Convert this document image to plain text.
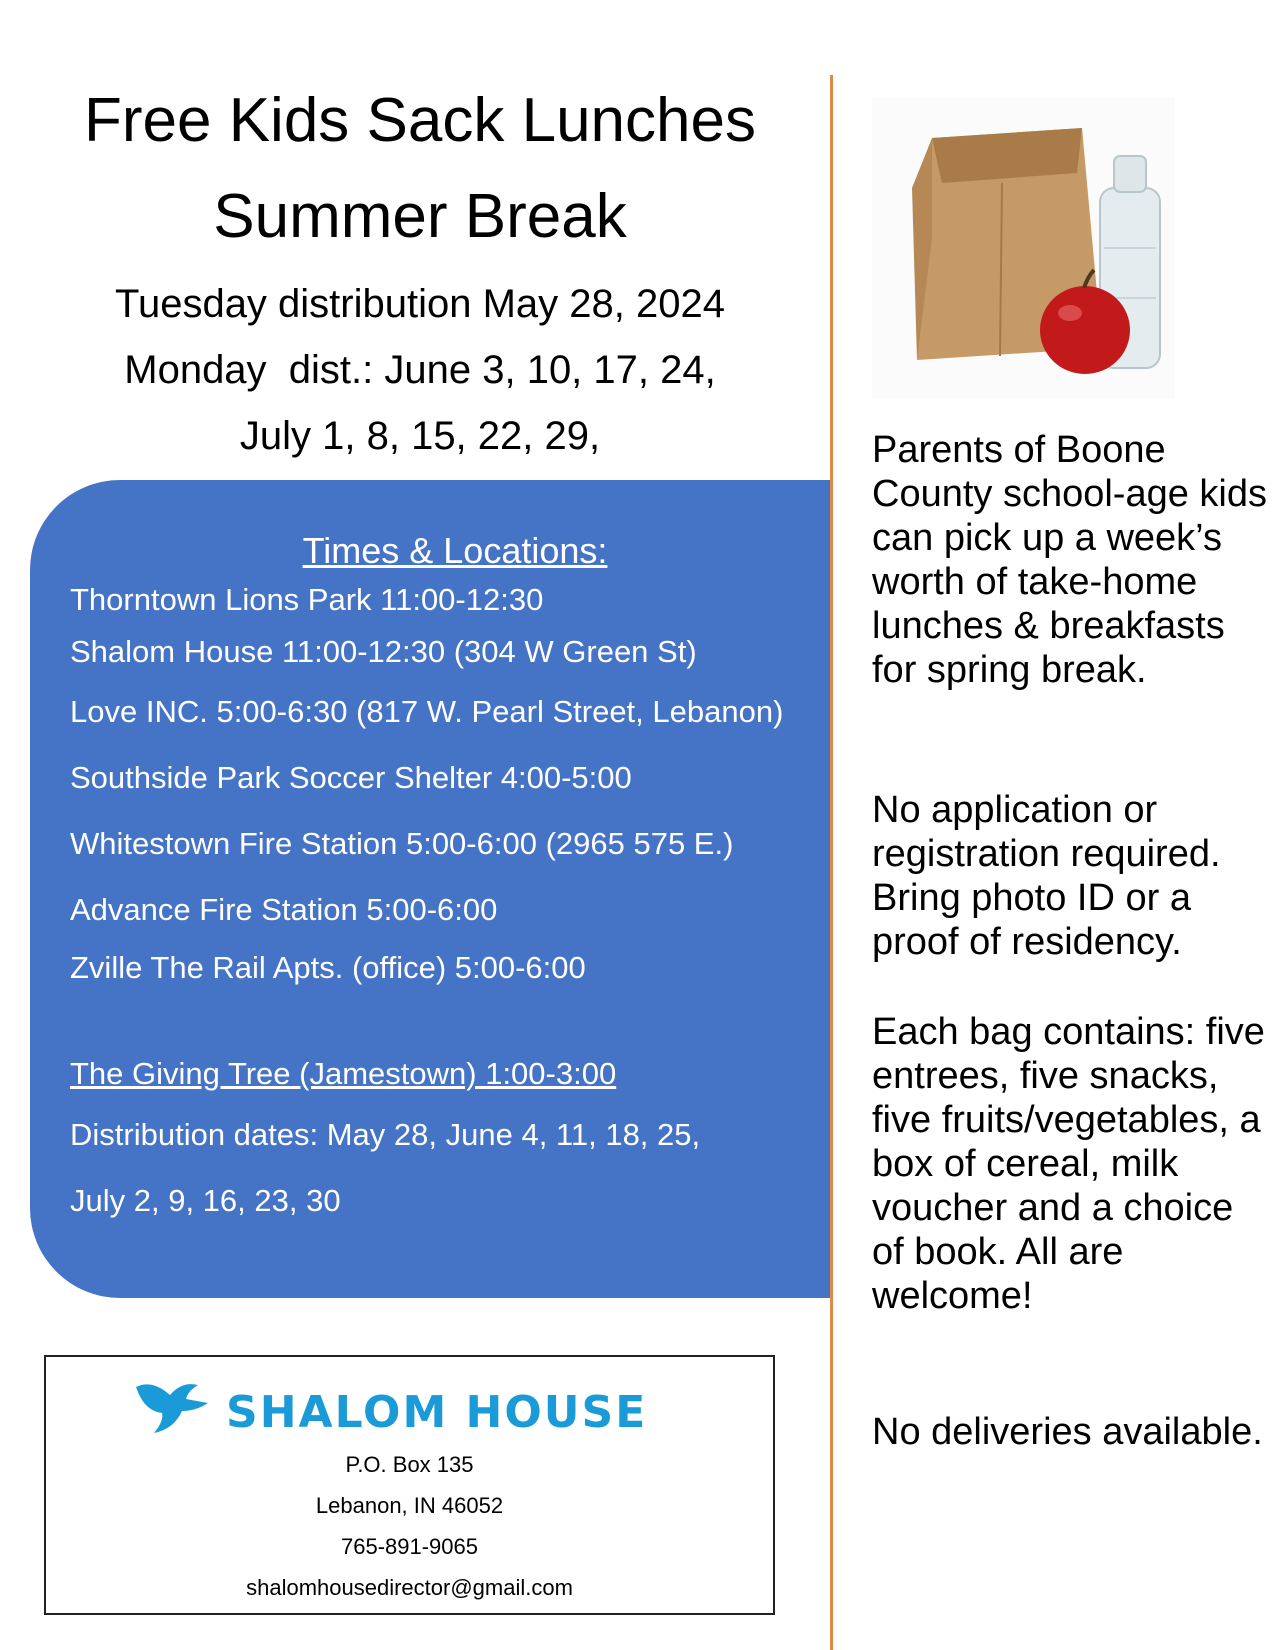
Free Kids Sack Lunches
Summer Break
Tuesday distribution May 28, 2024
Monday  dist.: June 3, 10, 17, 24,
July 1, 8, 15, 22, 29,
Times & Locations:
Thorntown Lions Park 11:00-12:30
Shalom House 11:00-12:30 (304 W Green St)
Love INC. 5:00-6:30 (817 W. Pearl Street, Lebanon)
Southside Park Soccer Shelter 4:00-5:00
Whitestown Fire Station 5:00-6:00 (2965 575 E.)
Advance Fire Station 5:00-6:00
Zville The Rail Apts. (office) 5:00-6:00
The Giving Tree (Jamestown) 1:00-3:00
Distribution dates: May 28, June 4, 11, 18, 25,
July 2, 9, 16, 23, 30

Parents of Boone County school-age kids can pick up a week’s worth of take-home lunches & breakfasts for spring break.

No application or registration required. Bring photo ID or a proof of residency.

Each bag contains: five entrees, five snacks, five fruits/vegetables, a box of cereal, milk voucher and a choice of book. All are welcome!

No deliveries available.

SHALOM HOUSE
P.O. Box 135
Lebanon, IN 46052
765-891-9065
shalomhousedirector@gmail.com
